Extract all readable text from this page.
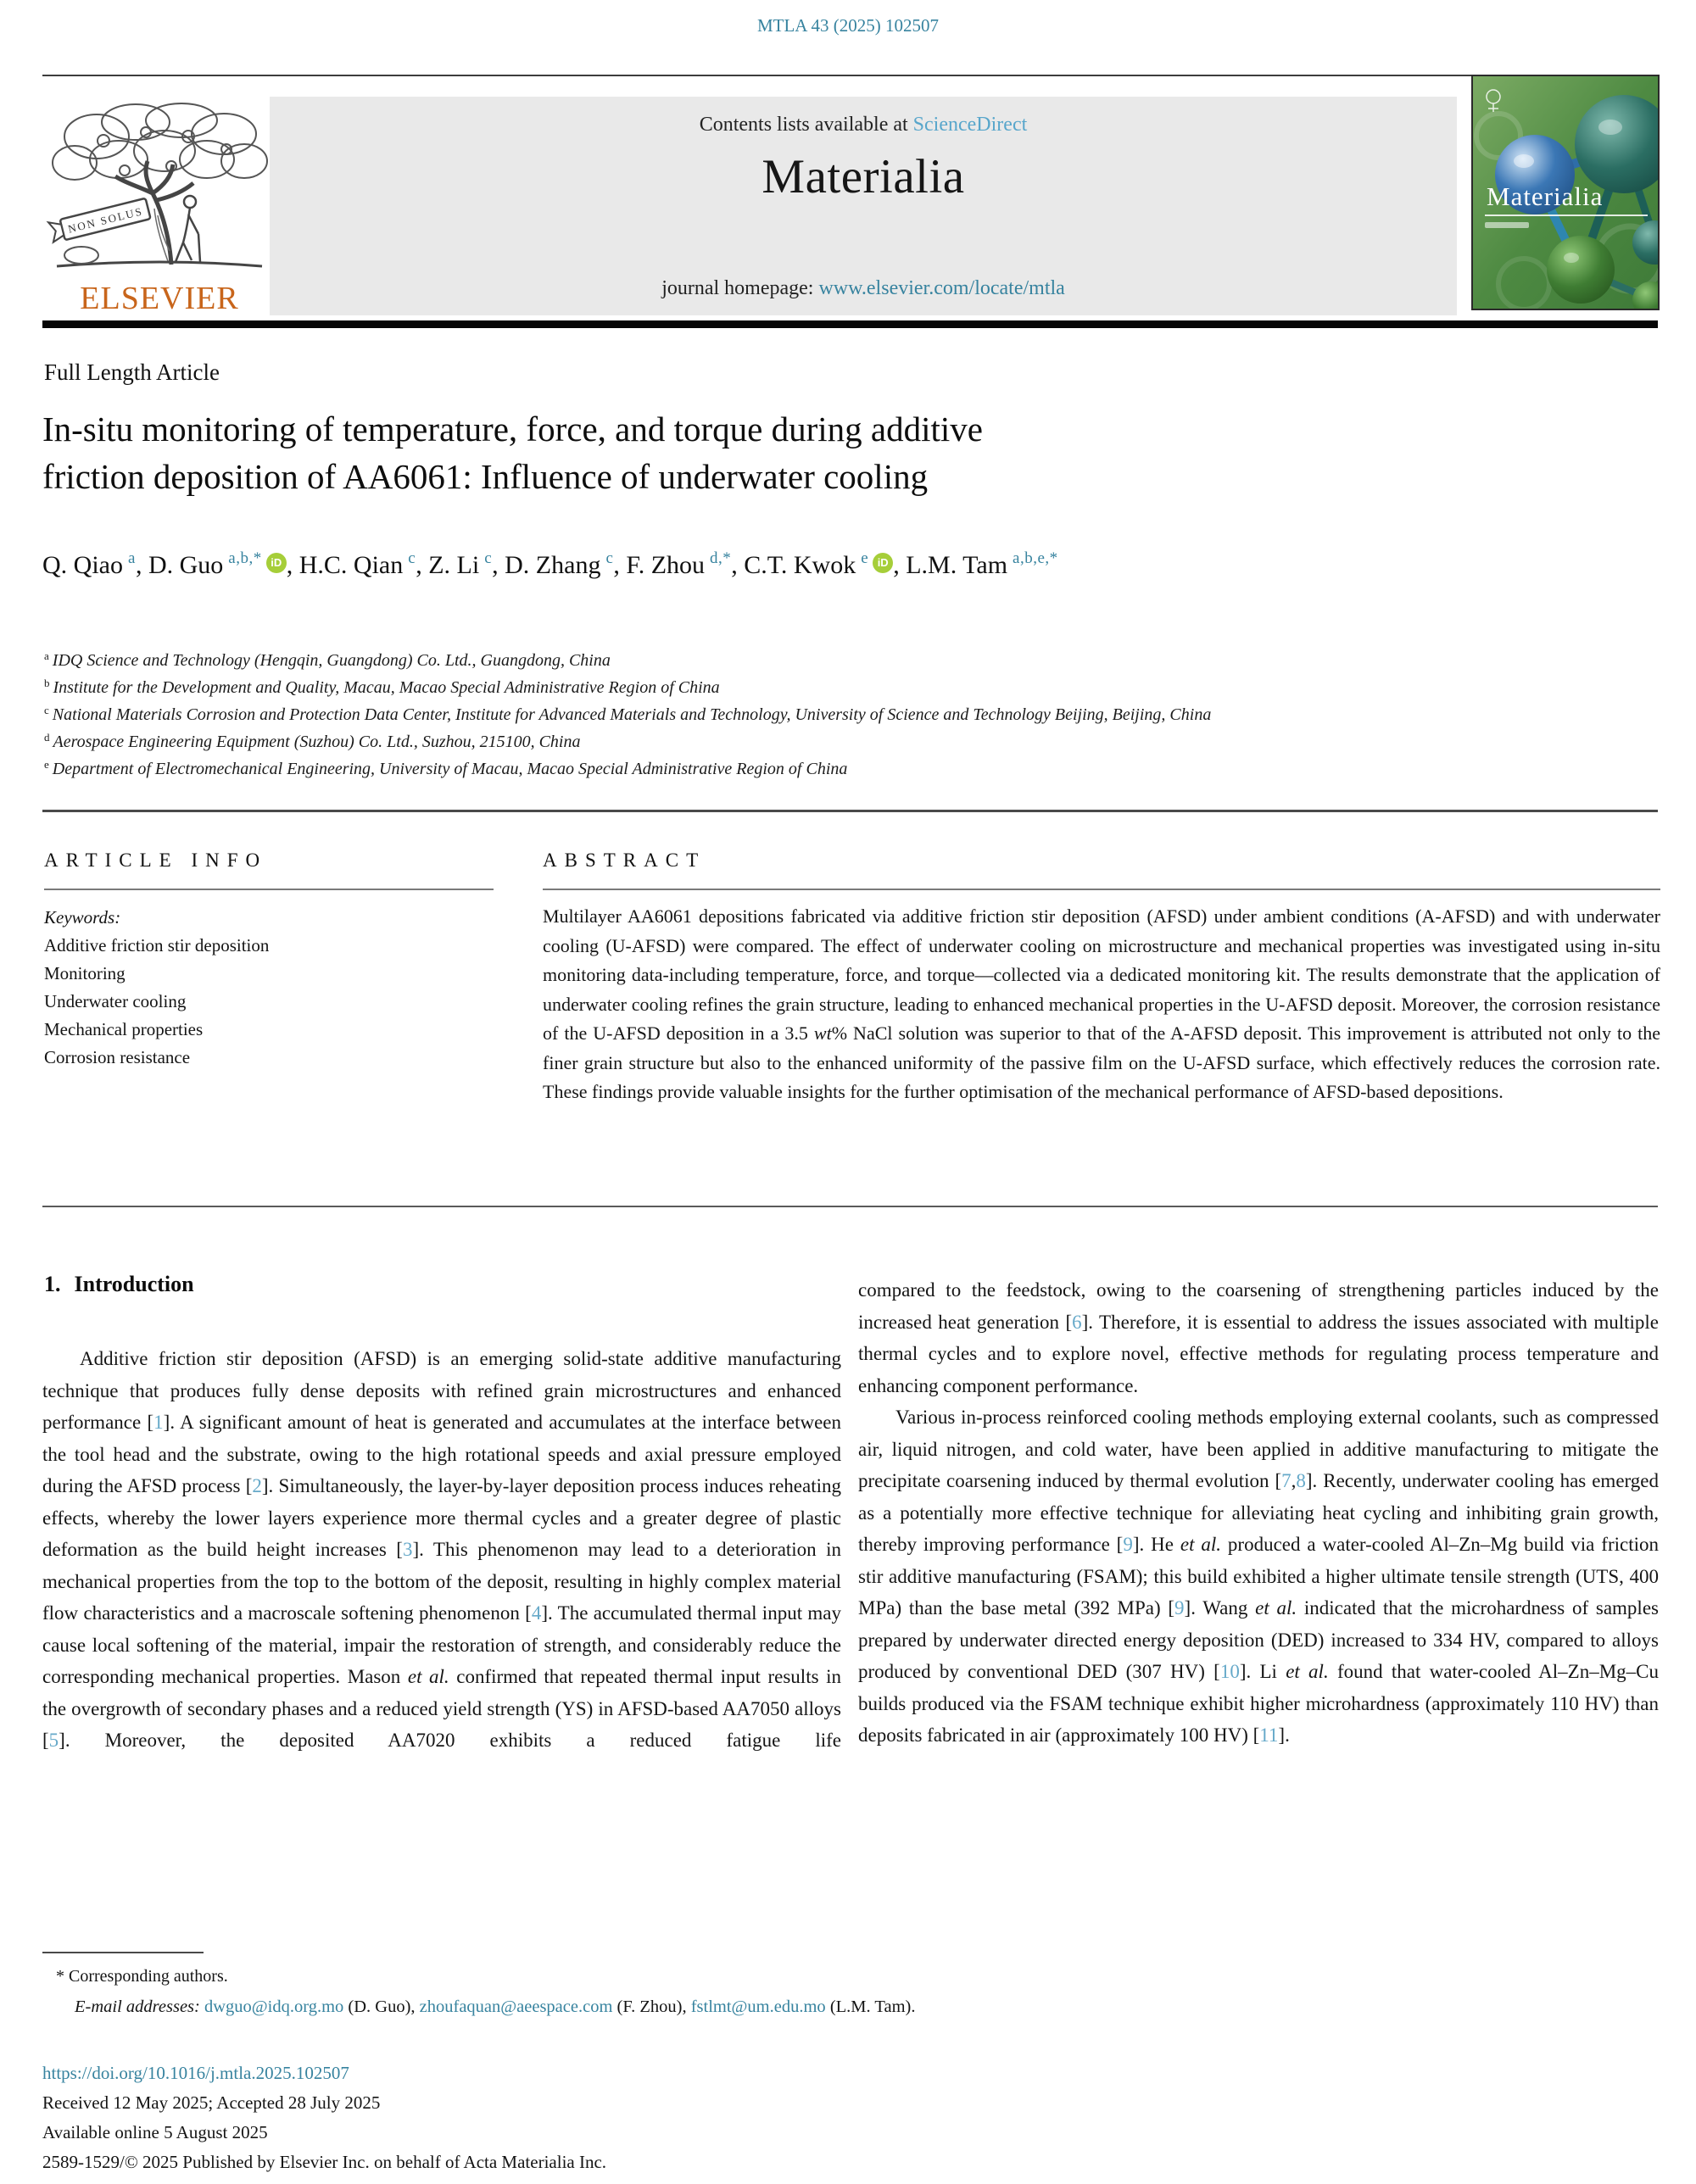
MTLA 43 (2025) 102507
NON SOLUS
ELSEVIER
Contents lists available at ScienceDirect
Materialia
journal homepage: www.elsevier.com/locate/mtla
Materialia
Full Length Article
In-situ monitoring of temperature, force, and torque during additive
friction deposition of AA6061: Influence of underwater cooling
Q. Qiao  $^a$, D. Guo  $^{a,b,*}$ iD , H.C. Qian  $^c$, Z. Li  $^c$, D. Zhang  $^c$, F. Zhou  $^{d,*}$, C.T. Kwok  $^e$ iD , L.M. Tam  $^{a,b,e,*}$
$^a$ IDQ Science and Technology (Hengqin, Guangdong) Co. Ltd., Guangdong, China
$^b$ Institute for the Development and Quality, Macau, Macao Special Administrative Region of China
$^c$ National Materials Corrosion and Protection Data Center, Institute for Advanced Materials and Technology, University of Science and Technology Beijing, Beijing, China
$^d$ Aerospace Engineering Equipment (Suzhou) Co. Ltd., Suzhou, 215100, China
$^e$ Department of Electromechanical Engineering, University of Macau, Macao Special Administrative Region of China
ARTICLE INFO
Keywords:
Additive friction stir deposition
Monitoring
Underwater cooling
Mechanical properties
Corrosion resistance
ABSTRACT
Multilayer AA6061 depositions fabricated via additive friction stir deposition (AFSD) under ambient conditions (A-AFSD) and with underwater cooling (U-AFSD) were compared. The effect of underwater cooling on microstructure and mechanical properties was investigated using in-situ monitoring data-including temperature, force, and torque—collected via a dedicated monitoring kit. The results demonstrate that the application of underwater cooling refines the grain structure, leading to enhanced mechanical properties in the U-AFSD deposit. Moreover, the corrosion resistance of the U-AFSD deposition in a 3.5 wt% NaCl solution was superior to that of the A-AFSD deposit. This improvement is attributed not only to the finer grain structure but also to the enhanced uniformity of the passive film on the U-AFSD surface, which effectively reduces the corrosion rate. These findings provide valuable insights for the further optimisation of the mechanical performance of AFSD-based depositions.
1. Introduction

Additive friction stir deposition (AFSD) is an emerging solid-state additive manufacturing technique that produces fully dense deposits with refined grain microstructures and enhanced performance [1]. A significant amount of heat is generated and accumulates at the interface between the tool head and the substrate, owing to the high rotational speeds and axial pressure employed during the AFSD process [2]. Simultaneously, the layer-by-layer deposition process induces reheating effects, whereby the lower layers experience more thermal cycles and a greater degree of plastic deformation as the build height increases [3]. This phenomenon may lead to a deterioration in mechanical properties from the top to the bottom of the deposit, resulting in highly complex material flow characteristics and a macroscale softening phenomenon [4]. The accumulated thermal input may cause local softening of the material, impair the restoration of strength, and considerably reduce the corresponding mechanical properties. Mason et al. confirmed that repeated thermal input results in the overgrowth of secondary phases and a reduced yield strength (YS) in AFSD-based AA7050 alloys [5]. Moreover, the deposited AA7020 exhibits a reduced fatigue life

compared to the feedstock, owing to the coarsening of strengthening particles induced by the increased heat generation [6]. Therefore, it is essential to address the issues associated with multiple thermal cycles and to explore novel, effective methods for regulating process temperature and enhancing component performance.

Various in-process reinforced cooling methods employing external coolants, such as compressed air, liquid nitrogen, and cold water, have been applied in additive manufacturing to mitigate the precipitate coarsening induced by thermal evolution [7,8]. Recently, underwater cooling has emerged as a potentially more effective technique for alleviating heat cycling and inhibiting grain growth, thereby improving performance [9]. He et al. produced a water-cooled Al–Zn–Mg build via friction stir additive manufacturing (FSAM); this build exhibited a higher ultimate tensile strength (UTS, 400 MPa) than the base metal (392 MPa) [9]. Wang et al. indicated that the microhardness of samples prepared by underwater directed energy deposition (DED) increased to 334 HV, compared to alloys produced by conventional DED (307 HV) [10]. Li et al. found that water-cooled Al–Zn–Mg–Cu builds produced via the FSAM technique exhibit higher microhardness (approximately 110 HV) than deposits fabricated in air (approximately 100 HV) [11].

* Corresponding authors.
E-mail addresses: dwguo@idq.org.mo (D. Guo), zhoufaquan@aeespace.com (F. Zhou), fstlmt@um.edu.mo (L.M. Tam).
https://doi.org/10.1016/j.mtla.2025.102507
Received 12 May 2025; Accepted 28 July 2025
Available online 5 August 2025
2589-1529/© 2025 Published by Elsevier Inc. on behalf of Acta Materialia Inc.
